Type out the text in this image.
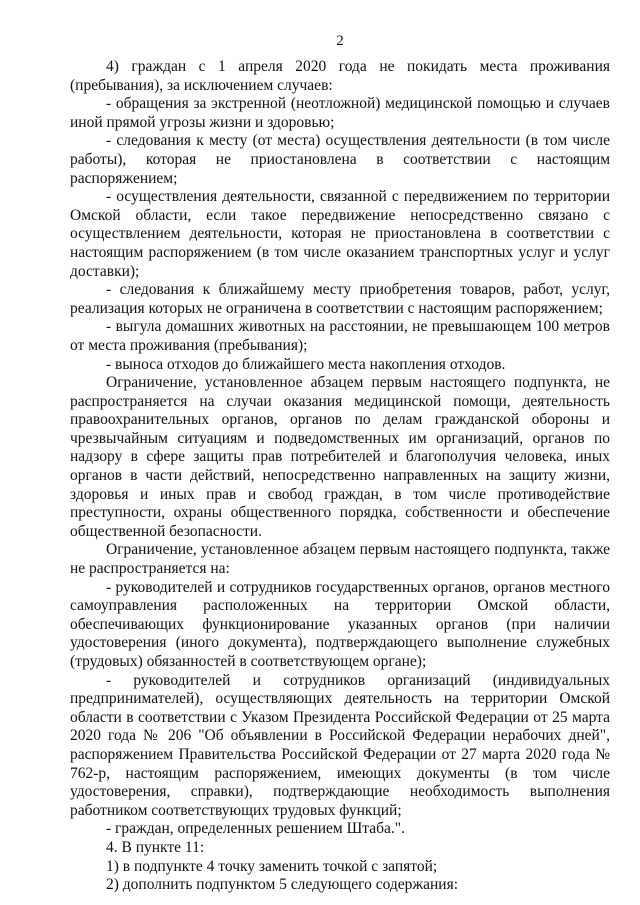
2

4) граждан с 1 апреля 2020 года не покидать места проживания (пребывания), за исключением случаев:

- обращения за экстренной (неотложной) медицинской помощью и случаев иной прямой угрозы жизни и здоровью;

- следования к месту (от места) осуществления деятельности (в том числе работы), которая не приостановлена в соответствии с настоящим распоряжением;

- осуществления деятельности, связанной с передвижением по территории Омской области, если такое передвижение непосредственно связано с осуществлением деятельности, которая не приостановлена в соответствии с настоящим распоряжением (в том числе оказанием транспортных услуг и услуг доставки);

- следования к ближайшему месту приобретения товаров, работ, услуг, реализация которых не ограничена в соответствии с настоящим распоряжением;

- выгула домашних животных на расстоянии, не превышающем 100 метров от места проживания (пребывания);

- выноса отходов до ближайшего места накопления отходов.

Ограничение, установленное абзацем первым настоящего подпункта, не распространяется на случаи оказания медицинской помощи, деятельность правоохранительных органов, органов по делам гражданской обороны и чрезвычайным ситуациям и подведомственных им организаций, органов по надзору в сфере защиты прав потребителей и благополучия человека, иных органов в части действий, непосредственно направленных на защиту жизни, здоровья и иных прав и свобод граждан, в том числе противодействие преступности, охраны общественного порядка, собственности и обеспечение общественной безопасности.

Ограничение, установленное абзацем первым настоящего подпункта, также не распространяется на:

- руководителей и сотрудников государственных органов, органов местного самоуправления расположенных на территории Омской области, обеспечивающих функционирование указанных органов (при наличии удостоверения (иного документа), подтверждающего выполнение служебных (трудовых) обязанностей в соответствующем органе);

- руководителей и сотрудников организаций (индивидуальных предпринимателей), осуществляющих деятельность на территории Омской области в соответствии с Указом Президента Российской Федерации от 25 марта 2020 года № 206 "Об объявлении в Российской Федерации нерабочих дней", распоряжением Правительства Российской Федерации от 27 марта 2020 года № 762-р, настоящим распоряжением, имеющих документы (в том числе удостоверения, справки), подтверждающие необходимость выполнения работником соответствующих трудовых функций;

- граждан, определенных решением Штаба.".

4. В пункте 11:

1) в подпункте 4 точку заменить точкой с запятой;

2) дополнить подпунктом 5 следующего содержания:
